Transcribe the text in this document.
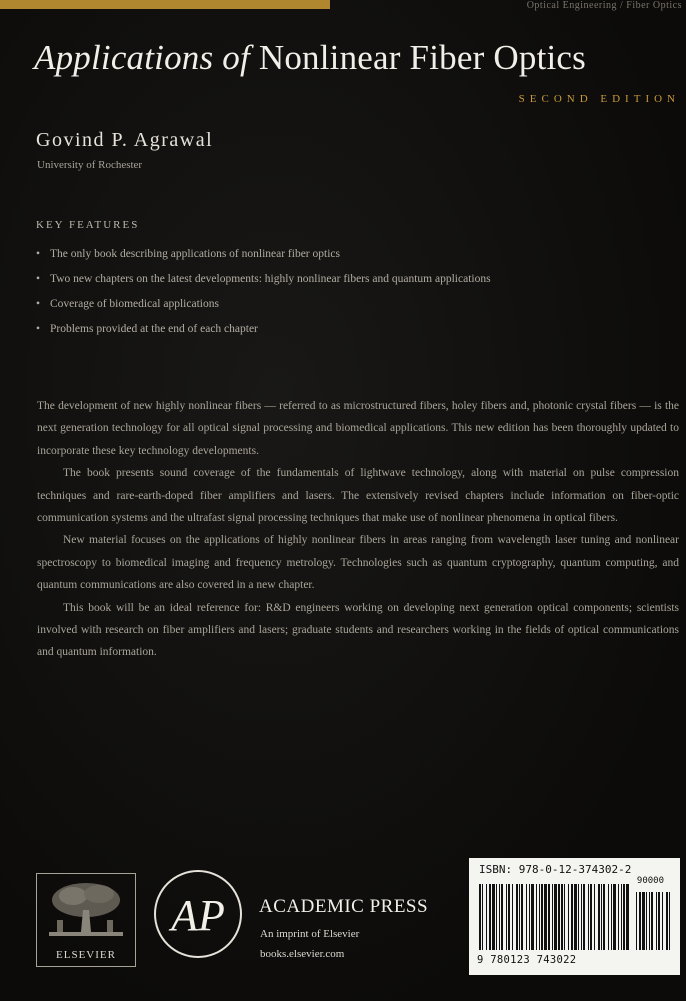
Optical Engineering / Fiber Optics
Applications of Nonlinear Fiber Optics
SECOND EDITION
Govind P. Agrawal
University of Rochester
KEY FEATURES
• The only book describing applications of nonlinear fiber optics
• Two new chapters on the latest developments: highly nonlinear fibers and quantum applications
• Coverage of biomedical applications
• Problems provided at the end of each chapter

The development of new highly nonlinear fibers — referred to as microstructured fibers, holey fibers and, photonic crystal fibers — is the next generation technology for all optical signal processing and biomedical applications. This new edition has been thoroughly updated to incorporate these key technology developments.

The book presents sound coverage of the fundamentals of lightwave technology, along with material on pulse compression techniques and rare-earth-doped fiber amplifiers and lasers. The extensively revised chapters include information on fiber-optic communication systems and the ultrafast signal processing techniques that make use of nonlinear phenomena in optical fibers.

New material focuses on the applications of highly nonlinear fibers in areas ranging from wavelength laser tuning and nonlinear spectroscopy to biomedical imaging and frequency metrology. Technologies such as quantum cryptography, quantum computing, and quantum communications are also covered in a new chapter.

This book will be an ideal reference for: R&D engineers working on developing next generation optical components; scientists involved with research on fiber amplifiers and lasers; graduate students and researchers working in the fields of optical communications and quantum information.

ELSEVIER
AP ACADEMIC PRESS
An imprint of Elsevier
books.elsevier.com
ISBN: 978-0-12-374302-2
90000
9 780123 743022
